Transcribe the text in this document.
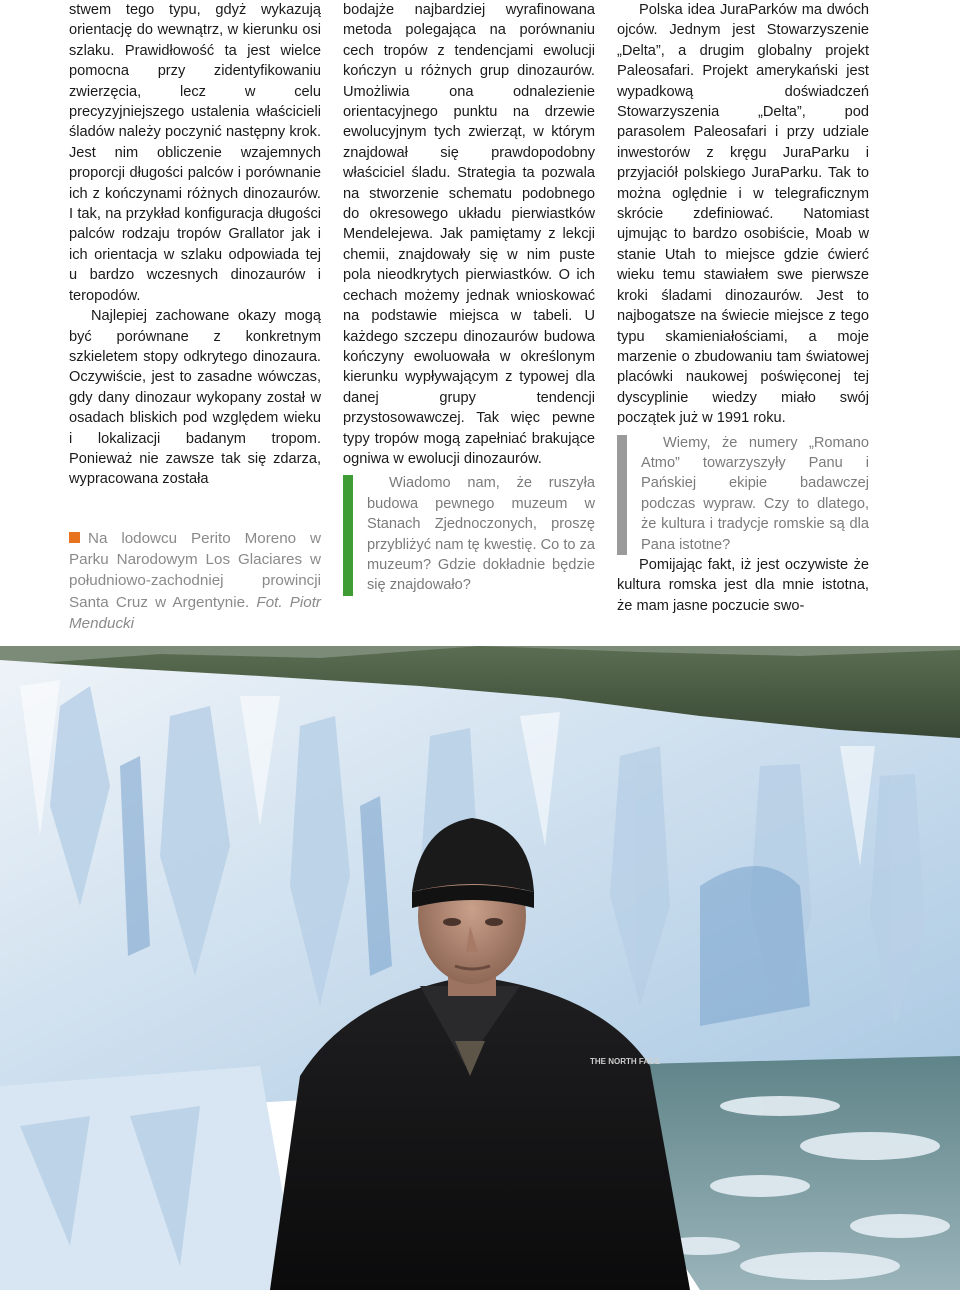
stwem tego typu, gdyż wykazują orientację do wewnątrz, w kierunku osi szlaku. Prawidłowość ta jest wielce pomocna przy zidentyfikowaniu zwierzęcia, lecz w celu precyzyjniejszego ustalenia właścicieli śladów należy poczynić następny krok. Jest nim obliczenie wzajemnych proporcji długości palców i porównanie ich z kończynami różnych dinozaurów. I tak, na przykład konfiguracja długości palców rodzaju tropów Grallator jak i ich orientacja w szlaku odpowiada tej u bardzo wczesnych dinozaurów i teropodów.

Najlepiej zachowane okazy mogą być porównane z konkretnym szkieletem stopy odkrytego dinozaura. Oczywiście, jest to zasadne wówczas, gdy dany dinozaur wykopany został w osadach bliskich pod względem wieku i lokalizacji badanym tropom. Ponieważ nie zawsze tak się zdarza, wypracowana została

Na lodowcu Perito Moreno w Parku Narodowym Los Glaciares w południowo-zachodniej prowincji Santa Cruz w Argentynie. Fot. Piotr Menducki

bodajże najbardziej wyrafinowana metoda polegająca na porównaniu cech tropów z tendencjami ewolucji kończyn u różnych grup dinozaurów. Umożliwia ona odnalezienie orientacyjnego punktu na drzewie ewolucyjnym tych zwierząt, w którym znajdował się prawdopodobny właściciel śladu. Strategia ta pozwala na stworzenie schematu podobnego do okresowego układu pierwiastków Mendelejewa. Jak pamiętamy z lekcji chemii, znajdowały się w nim puste pola nieodkrytych pierwiastków. O ich cechach możemy jednak wnioskować na podstawie miejsca w tabeli. U każdego szczepu dinozaurów budowa kończyny ewoluowała w określonym kierunku wypływającym z typowej dla danej grupy tendencji przystosowawczej. Tak więc pewne typy tropów mogą zapełniać brakujące ogniwa w ewolucji dinozaurów.

Wiadomo nam, że ruszyła budowa pewnego muzeum w Stanach Zjednoczonych, proszę przybliżyć nam tę kwestię. Co to za muzeum? Gdzie dokładnie będzie się znajdowało?

Polska idea JuraParków ma dwóch ojców. Jednym jest Stowarzyszenie „Delta”, a drugim globalny projekt Paleosafari. Projekt amerykański jest wypadkową doświadczeń Stowarzyszenia „Delta”, pod parasolem Paleosafari i przy udziale inwestorów z kręgu JuraParku i przyjaciół polskiego JuraParku. Tak to można oględnie i w telegraficznym skrócie zdefiniować. Natomiast ujmując to bardzo osobiście, Moab w stanie Utah to miejsce gdzie ćwierć wieku temu stawiałem swe pierwsze kroki śladami dinozaurów. Jest to najbogatsze na świecie miejsce z tego typu skamieniałościami, a moje marzenie o zbudowaniu tam światowej placówki naukowej poświęconej tej dyscyplinie wiedzy miało swój początek już w 1991 roku.

Wiemy, że numery „Romano Atmo” towarzyszyły Panu i Pańskiej ekipie badawczej podczas wypraw. Czy to dlatego, że kultura i tradycje romskie są dla Pana istotne?

Pomijając fakt, iż jest oczywiste że kultura romska jest dla mnie istotna, że mam jasne poczucie swo-

THE NORTH FACE
